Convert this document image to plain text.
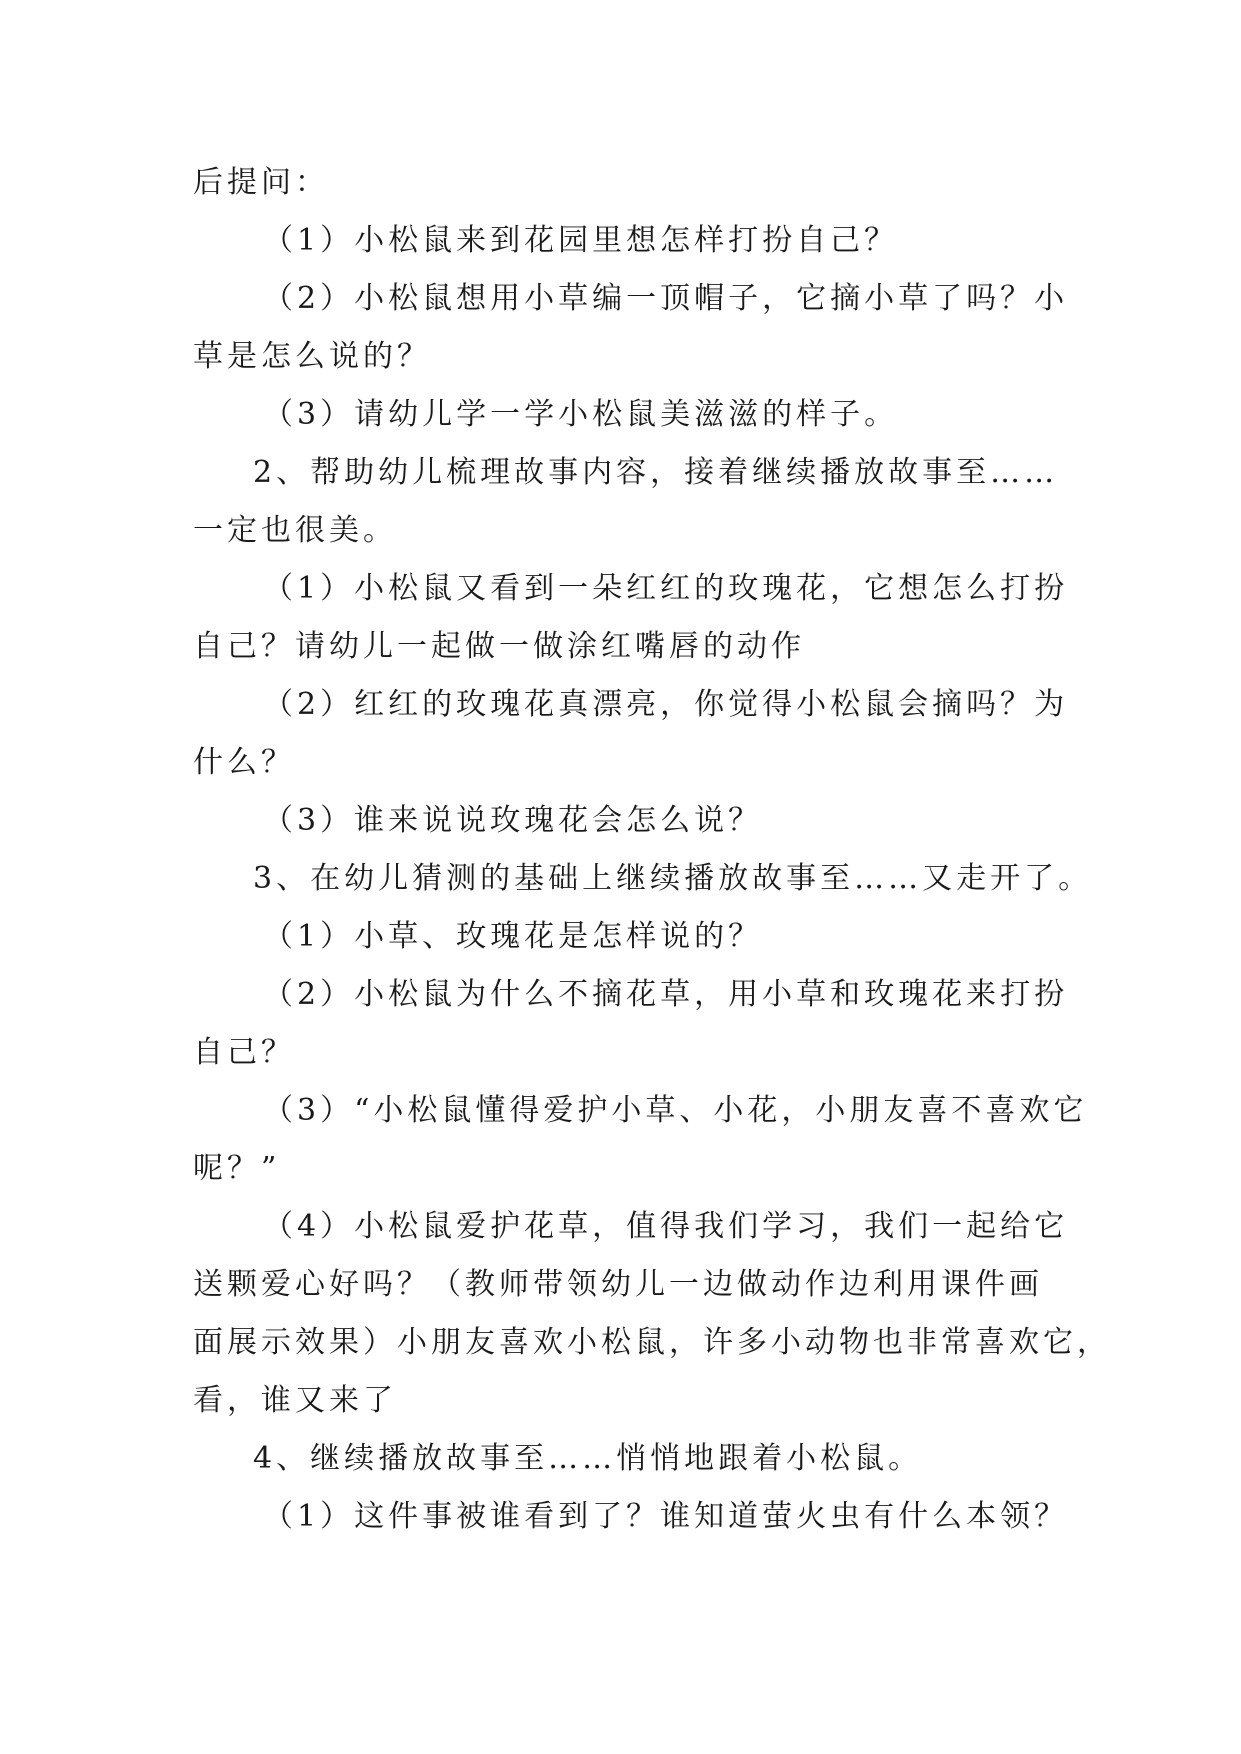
后提问：
（1）小松鼠来到花园里想怎样打扮自己？
（2）小松鼠想用小草编一顶帽子，它摘小草了吗？小
草是怎么说的？
（3）请幼儿学一学小松鼠美滋滋的样子。
2、帮助幼儿梳理故事内容，接着继续播放故事至……
一定也很美。
（1）小松鼠又看到一朵红红的玫瑰花，它想怎么打扮
自己？请幼儿一起做一做涂红嘴唇的动作
（2）红红的玫瑰花真漂亮，你觉得小松鼠会摘吗？为
什么？
（3）谁来说说玫瑰花会怎么说？
3、在幼儿猜测的基础上继续播放故事至……又走开了。
（1）小草、玫瑰花是怎样说的？
（2）小松鼠为什么不摘花草，用小草和玫瑰花来打扮
自己？
（3）“小松鼠懂得爱护小草、小花，小朋友喜不喜欢它
呢？”
（4）小松鼠爱护花草，值得我们学习，我们一起给它
送颗爱心好吗？（教师带领幼儿一边做动作边利用课件画
面展示效果）小朋友喜欢小松鼠，许多小动物也非常喜欢它，
看，谁又来了
4、继续播放故事至……悄悄地跟着小松鼠。
（1）这件事被谁看到了？谁知道萤火虫有什么本领？
